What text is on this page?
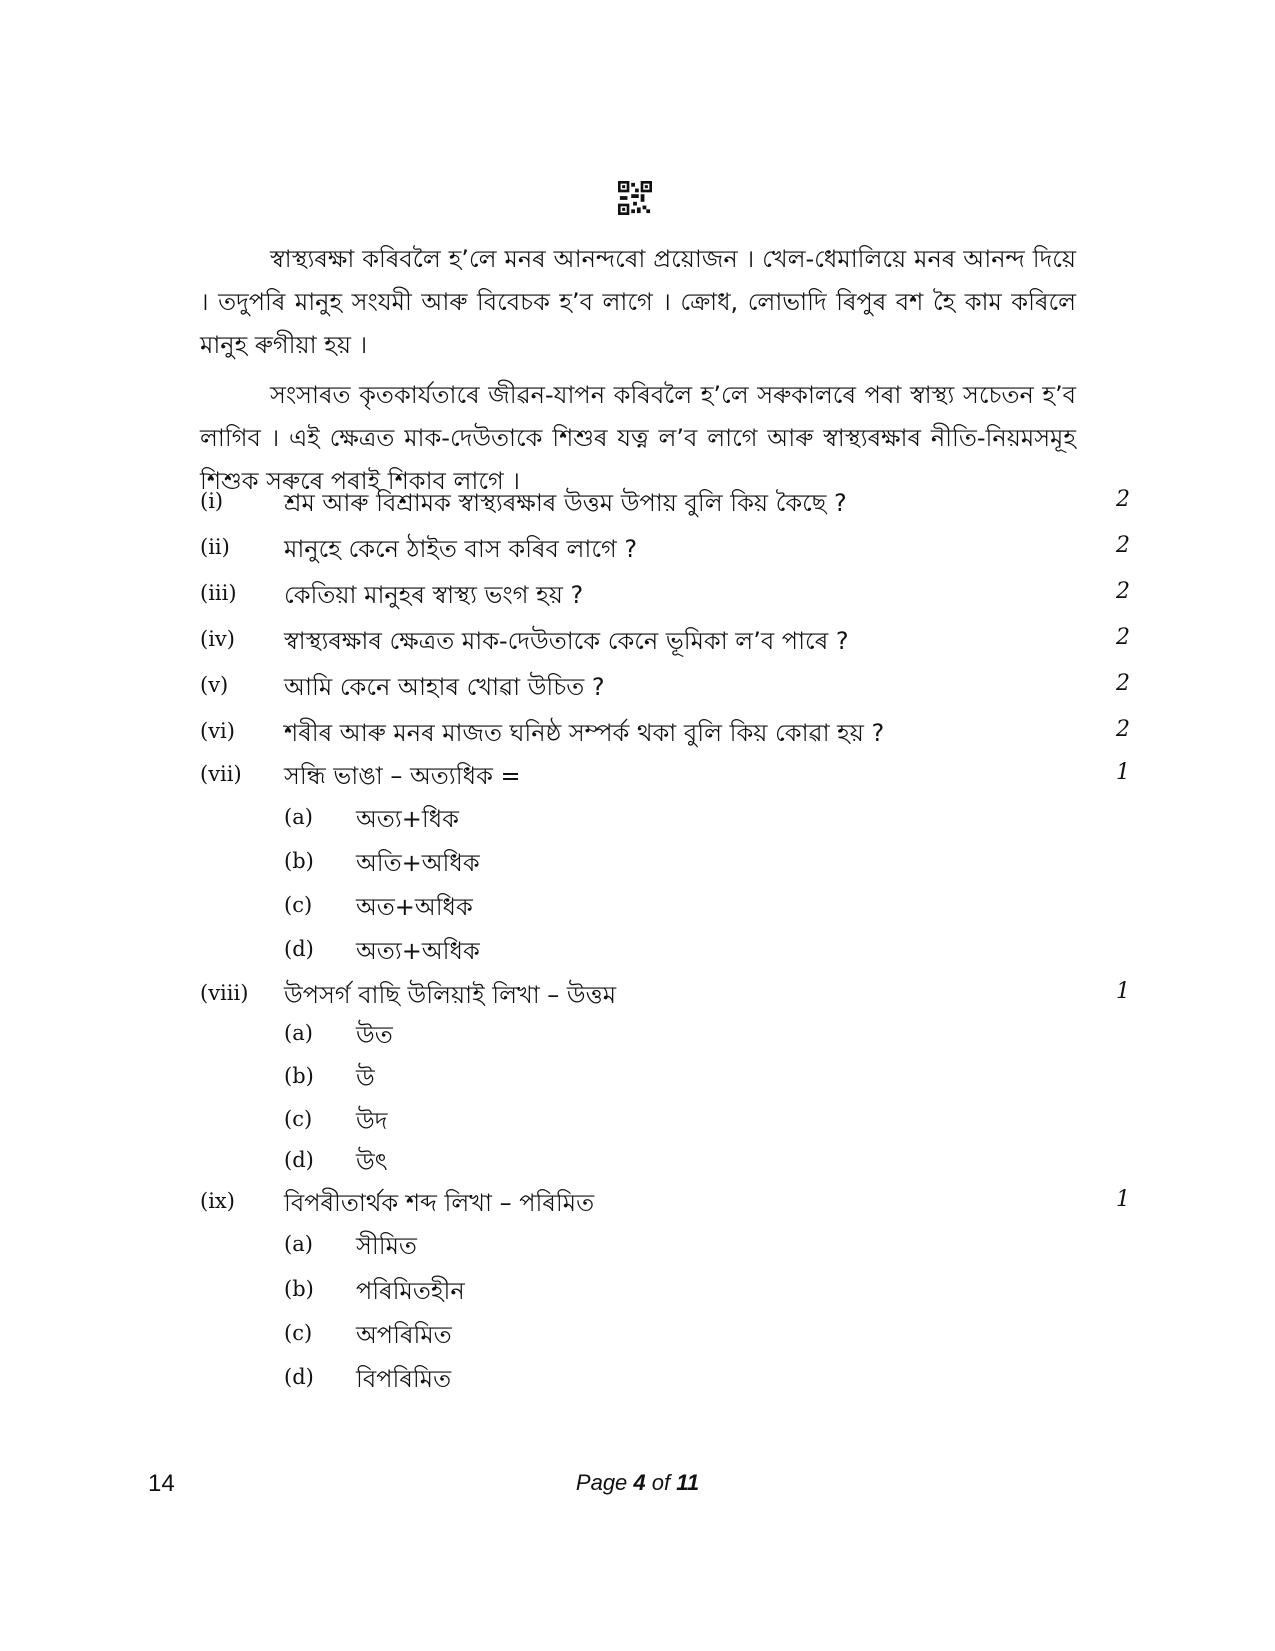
স্বাস্থ্যৰক্ষা কৰিবলৈ হ’লে মনৰ আনন্দৰো প্ৰয়োজন । খেল-ধেমালিয়ে মনৰ আনন্দ দিয়ে । তদুপৰি মানুহ সংযমী আৰু বিবেচক হ’ব লাগে । ক্ৰোধ, লোভাদি ৰিপুৰ বশ হৈ কাম কৰিলে মানুহ ৰুগীয়া হয় ।

সংসাৰত কৃতকাৰ্যতাৰে জীৱন-যাপন কৰিবলৈ হ’লে সৰুকালৰে পৰা স্বাস্থ্য সচেতন হ’ব লাগিব । এই ক্ষেত্ৰত মাক-দেউতাকে শিশুৰ যত্ন ল’ব লাগে আৰু স্বাস্থ্যৰক্ষাৰ নীতি-নিয়মসমূহ শিশুক সৰুৰে পৰাই শিকাব লাগে ।

(i)	শ্ৰম আৰু বিশ্ৰামক স্বাস্থ্যৰক্ষাৰ উত্তম উপায় বুলি কিয় কৈছে ?	2
(ii) মানুহে কেনে ঠাইত বাস কৰিব লাগে ?	2
(iii) কেতিয়া মানুহৰ স্বাস্থ্য ভংগ হয় ?	2
(iv) স্বাস্থ্যৰক্ষাৰ ক্ষেত্ৰত মাক-দেউতাকে কেনে ভূমিকা ল’ব পাৰে ?	2
(v) আমি কেনে আহাৰ খোৱা উচিত ?	2
(vi) শৰীৰ আৰু মনৰ মাজত ঘনিষ্ঠ সম্পৰ্ক থকা বুলি কিয় কোৱা হয় ?	2
(vii) সন্ধি ভাঙা – অত্যধিক =	1
(a) অত্য+ধিক
(b) অতি+অধিক
(c) অত+অধিক
(d) অত্য+অধিক
(viii) উপসৰ্গ বাছি উলিয়াই লিখা – উত্তম	1
(a) উত
(b) উ
(c) উদ
(d) উৎ
(ix) বিপৰীতাৰ্থক শব্দ লিখা – পৰিমিত	1
(a) সীমিত
(b) পৰিমিতহীন
(c) অপৰিমিত
(d) বিপৰিমিত
14	Page 4 of 11
